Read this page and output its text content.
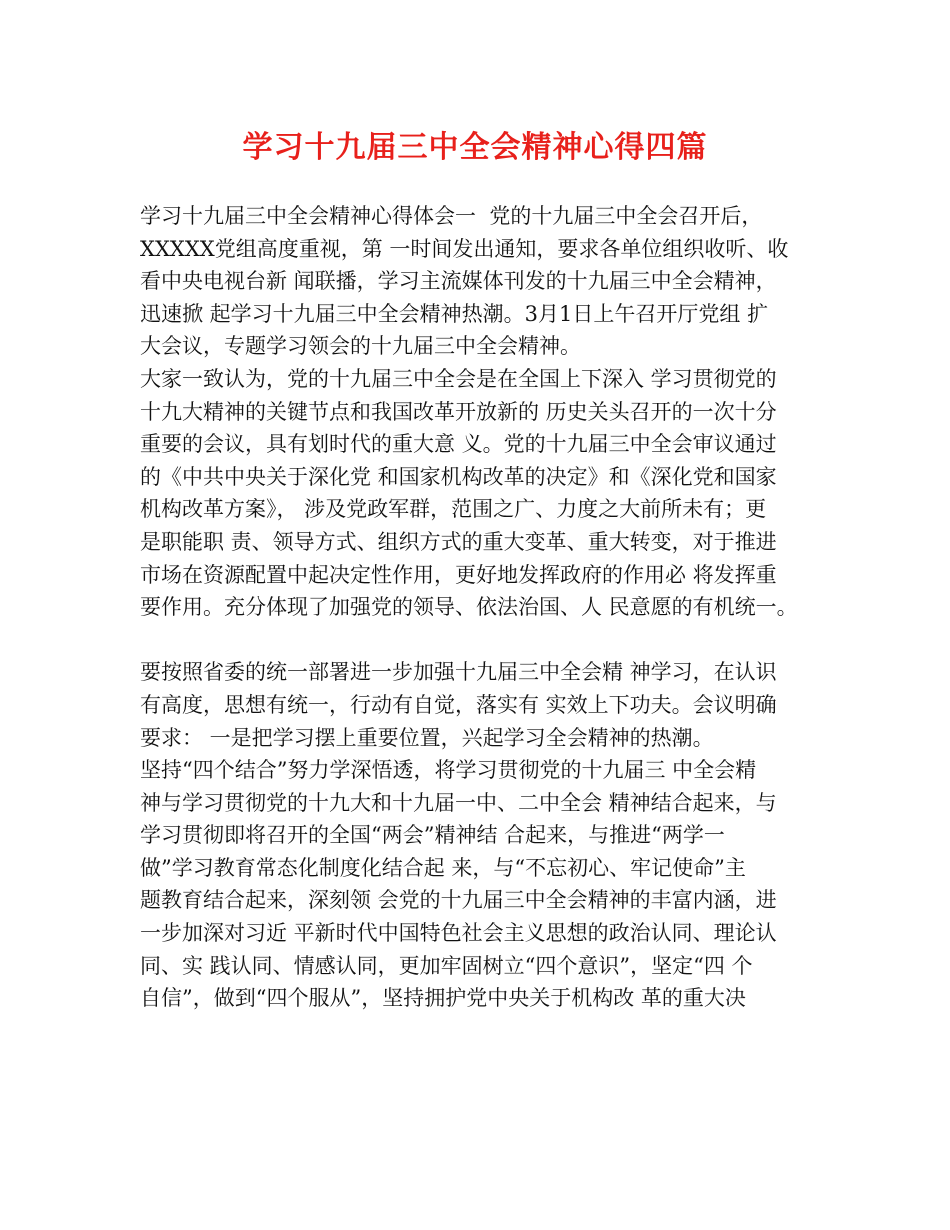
学习十九届三中全会精神心得四篇
学习十九届三中全会精神心得体会一  党的十九届三中全会召开后，
XXXXX党组高度重视，第 一时间发出通知，要求各单位组织收听、收
看中央电视台新 闻联播，学习主流媒体刊发的十九届三中全会精神，
迅速掀 起学习十九届三中全会精神热潮。3月1日上午召开厅党组 扩
大会议，专题学习领会的十九届三中全会精神。
大家一致认为，党的十九届三中全会是在全国上下深入 学习贯彻党的
十九大精神的关键节点和我国改革开放新的 历史关头召开的一次十分
重要的会议，具有划时代的重大意 义。党的十九届三中全会审议通过
的《中共中央关于深化党 和国家机构改革的决定》和《深化党和国家
机构改革方案》， 涉及党政军群，范围之广、力度之大前所未有；更
是职能职 责、领导方式、组织方式的重大变革、重大转变，对于推进
市场在资源配置中起决定性作用，更好地发挥政府的作用必 将发挥重
要作用。充分体现了加强党的领导、依法治国、人 民意愿的有机统一。
要按照省委的统一部署进一步加强十九届三中全会精 神学习，在认识
有高度，思想有统一，行动有自觉，落实有 实效上下功夫。会议明确
要求： 一是把学习摆上重要位置，兴起学习全会精神的热潮。
坚持“四个结合”努力学深悟透，将学习贯彻党的十九届三 中全会精
神与学习贯彻党的十九大和十九届一中、二中全会 精神结合起来，与
学习贯彻即将召开的全国“两会”精神结 合起来，与推进“两学一
做”学习教育常态化制度化结合起 来，与“不忘初心、牢记使命”主
题教育结合起来，深刻领 会党的十九届三中全会精神的丰富内涵，进
一步加深对习近 平新时代中国特色社会主义思想的政治认同、理论认
同、实 践认同、情感认同，更加牢固树立“四个意识”，坚定“四 个
自信”，做到“四个服从”，坚持拥护党中央关于机构改 革的重大决
